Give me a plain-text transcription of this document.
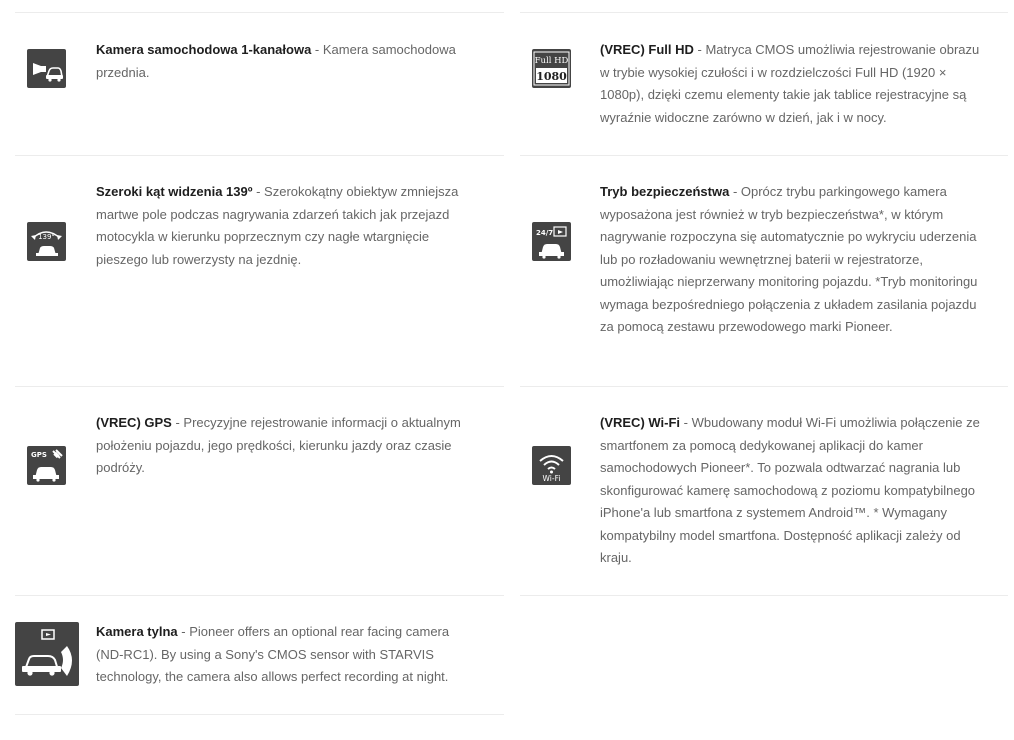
Kamera samochodowa 1-kanałowa - Kamera samochodowa przednia.
Full HD
1080
(VREC) Full HD - Matryca CMOS umożliwia rejestrowanie obrazu w trybie wysokiej czułości i w rozdzielczości Full HD (1920 × 1080p), dzięki czemu elementy takie jak tablice rejestracyjne są wyraźnie widoczne zarówno w dzień, jak i w nocy.
139°
Szeroki kąt widzenia 139º - Szerokokątny obiektyw zmniejsza martwe pole podczas nagrywania zdarzeń takich jak przejazd motocykla w kierunku poprzecznym czy nagłe wtargnięcie pieszego lub rowerzysty na jezdnię.
24/7
Tryb bezpieczeństwa - Oprócz trybu parkingowego kamera wyposażona jest również w tryb bezpieczeństwa*, w którym nagrywanie rozpoczyna się automatycznie po wykryciu uderzenia lub po rozładowaniu wewnętrznej baterii w rejestratorze, umożliwiając nieprzerwany monitoring pojazdu. *Tryb monitoringu wymaga bezpośredniego połączenia z układem zasilania pojazdu za pomocą zestawu przewodowego marki Pioneer.
GPS
(VREC) GPS - Precyzyjne rejestrowanie informacji o aktualnym położeniu pojazdu, jego prędkości, kierunku jazdy oraz czasie podróży.
Wi-Fi
(VREC) Wi-Fi - Wbudowany moduł Wi-Fi umożliwia połączenie ze smartfonem za pomocą dedykowanej aplikacji do kamer samochodowych Pioneer*. To pozwala odtwarzać nagrania lub skonfigurować kamerę samochodową z poziomu kompatybilnego iPhone'a lub smartfona z systemem Android™. * Wymagany kompatybilny model smartfona. Dostępność aplikacji zależy od kraju.
Kamera tylna - Pioneer offers an optional rear facing camera (ND-RC1). By using a Sony's CMOS sensor with STARVIS technology, the camera also allows perfect recording at night.
